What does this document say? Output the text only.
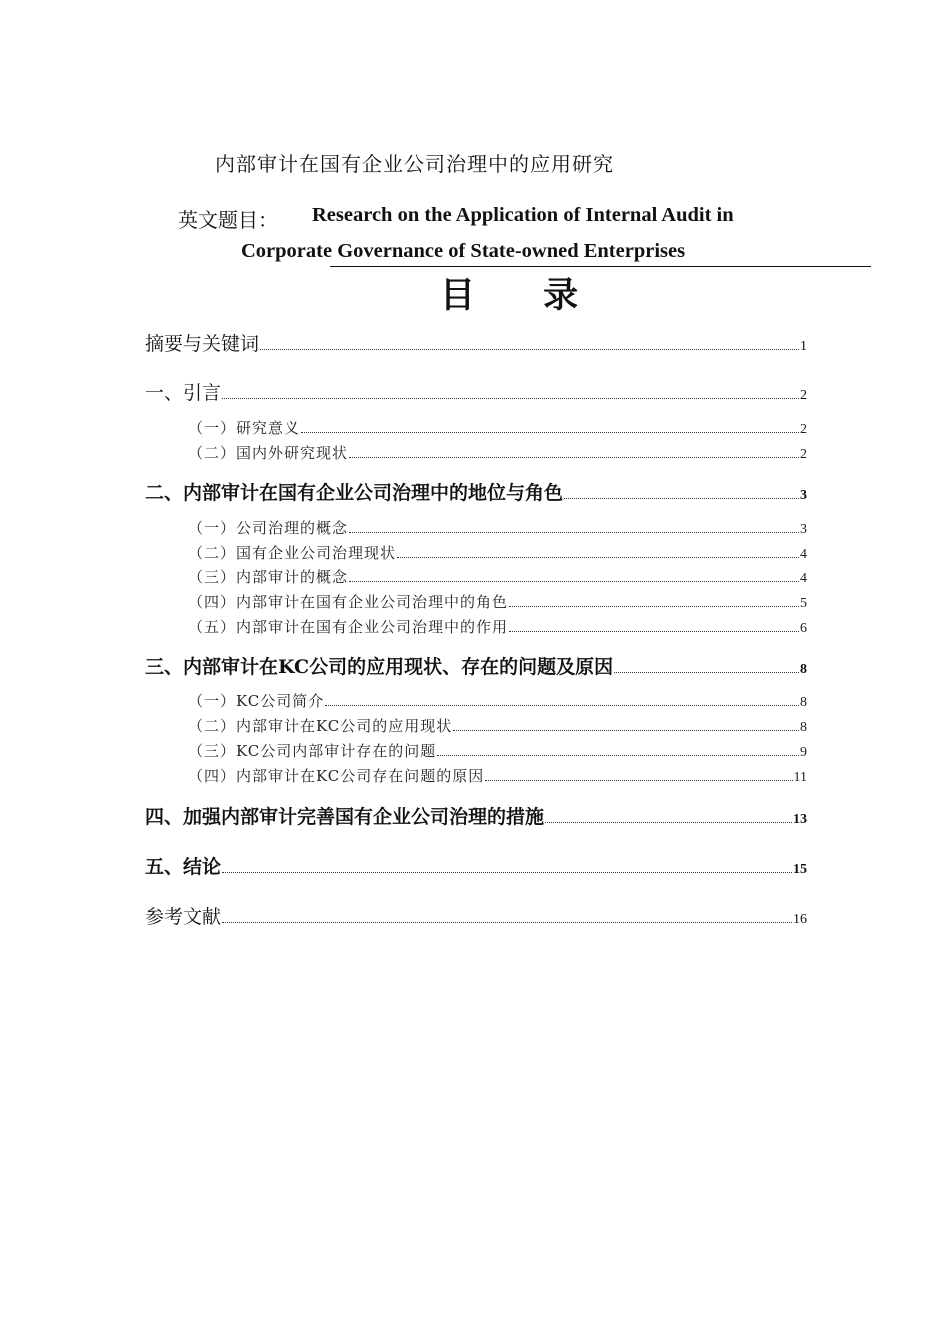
内部审计在国有企业公司治理中的应用研究
英文题目： Research on the Application of Internal Audit in
Corporate Governance of State-owned Enterprises
目 录
摘要与关键词	1
一、引言	2
（一）研究意义	2
（二）国内外研究现状	2
二、内部审计在国有企业公司治理中的地位与角色	3
（一）公司治理的概念	3
（二）国有企业公司治理现状	4
（三）内部审计的概念	4
（四）内部审计在国有企业公司治理中的角色	5
（五）内部审计在国有企业公司治理中的作用	6
三、内部审计在KC公司的应用现状、存在的问题及原因	8
（一）KC公司简介	8
（二）内部审计在KC公司的应用现状	8
（三）KC公司内部审计存在的问题	9
（四）内部审计在KC公司存在问题的原因	11
四、加强内部审计完善国有企业公司治理的措施	13
五、结论	15
参考文献	16
